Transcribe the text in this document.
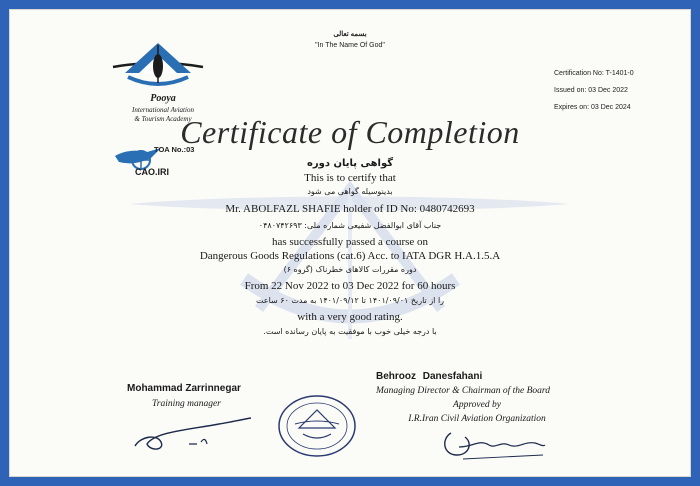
بسمه تعالی
"In The Name Of God"
Pooya
International Aviation
& Tourism Academy
TOA No.:03
CAO.IRI
Certification No: T-1401-0
Issued on: 03 Dec 2022
Expires on: 03 Dec 2024
Certificate of Completion
گواهی پایان دوره
This is to certify that
بدینوسیله گواهی می شود
Mr. ABOLFAZL SHAFIE holder of ID No: 0480742693
جناب آقای ابوالفضل شفیعی شماره ملی: ۰۴۸۰۷۴۲۶۹۳
has successfully passed a course on
Dangerous Goods Regulations (cat.6) Acc. to IATA DGR H.A.1.5.A
دوره مقررات کالاهای خطرناک (گروه ۶)
From 22 Nov 2022 to 03 Dec 2022 for 60 hours
را از تاریخ ۱۴۰۱/۰۹/۰۱ تا ۱۴۰۱/۰۹/۱۲ به مدت ۶۰ ساعت
with a very good rating.
با درجه خیلی خوب با موفقیت به پایان رسانده است.
Mohammad Zarrinnegar
Training manager
Behrooz Danesfahani
Managing Director & Chairman of the Board
Approved by
I.R.Iran Civil Aviation Organization
